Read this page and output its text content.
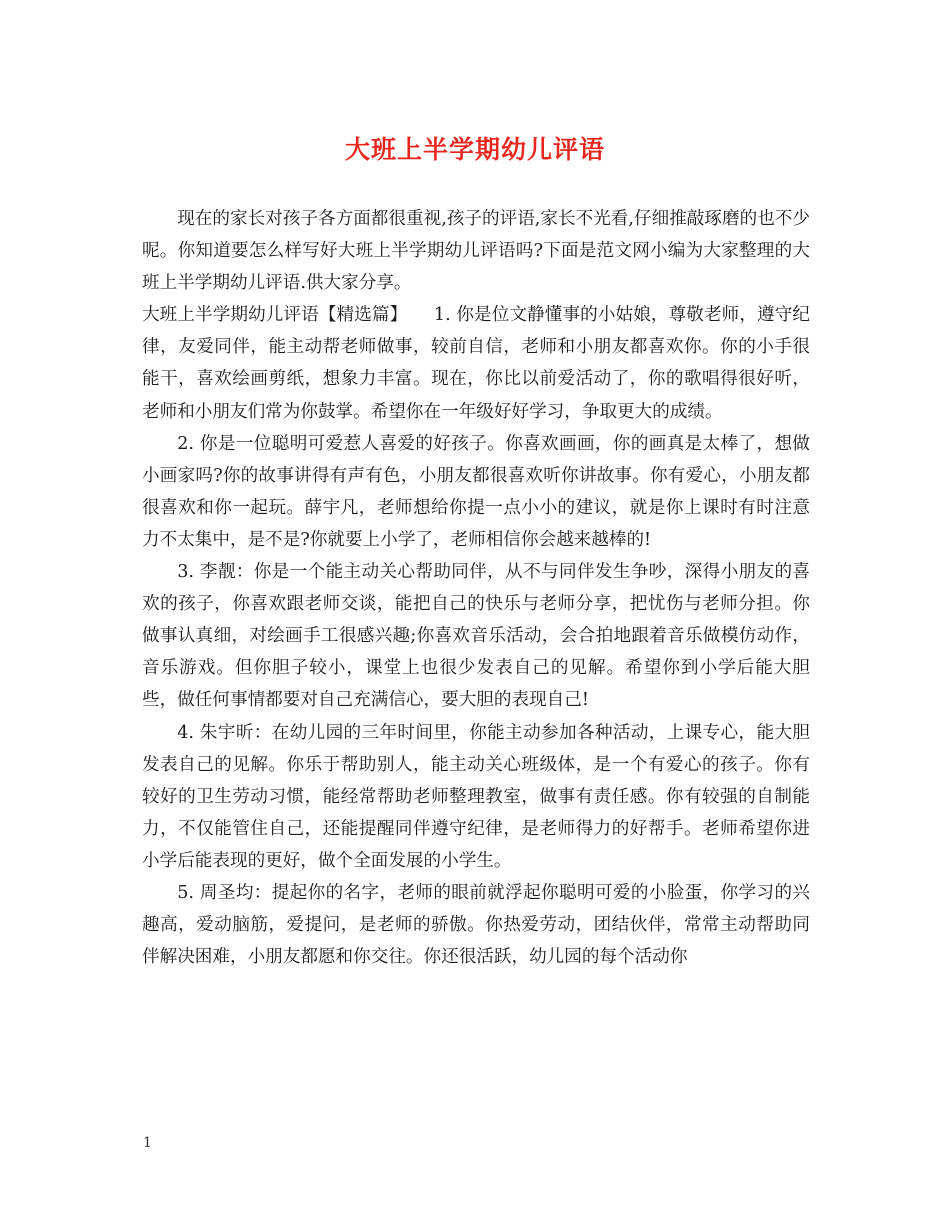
大班上半学期幼儿评语

现在的家长对孩子各方面都很重视,孩子的评语,家长不光看,仔细推敲琢磨的也不少呢。你知道要怎么样写好大班上半学期幼儿评语吗?下面是范文网小编为大家整理的大班上半学期幼儿评语.供大家分享。

大班上半学期幼儿评语【精选篇】　　1. 你是位文静懂事的小姑娘，尊敬老师，遵守纪律，友爱同伴，能主动帮老师做事，较前自信，老师和小朋友都喜欢你。你的小手很能干，喜欢绘画剪纸，想象力丰富。现在，你比以前爱活动了，你的歌唱得很好听，老师和小朋友们常为你鼓掌。希望你在一年级好好学习，争取更大的成绩。

2. 你是一位聪明可爱惹人喜爱的好孩子。你喜欢画画，你的画真是太棒了，想做小画家吗?你的故事讲得有声有色，小朋友都很喜欢听你讲故事。你有爱心，小朋友都很喜欢和你一起玩。薛宇凡，老师想给你提一点小小的建议，就是你上课时有时注意力不太集中，是不是?你就要上小学了，老师相信你会越来越棒的!

3. 李靓：你是一个能主动关心帮助同伴，从不与同伴发生争吵，深得小朋友的喜欢的孩子，你喜欢跟老师交谈，能把自己的快乐与老师分享，把忧伤与老师分担。你做事认真细，对绘画手工很感兴趣;你喜欢音乐活动，会合拍地跟着音乐做模仿动作，音乐游戏。但你胆子较小，课堂上也很少发表自己的见解。希望你到小学后能大胆些，做任何事情都要对自己充满信心，要大胆的表现自己!

4. 朱宇昕：在幼儿园的三年时间里，你能主动参加各种活动，上课专心，能大胆发表自己的见解。你乐于帮助别人，能主动关心班级体，是一个有爱心的孩子。你有较好的卫生劳动习惯，能经常帮助老师整理教室，做事有责任感。你有较强的自制能力，不仅能管住自己，还能提醒同伴遵守纪律，是老师得力的好帮手。老师希望你进小学后能表现的更好，做个全面发展的小学生。

5. 周圣均：提起你的名字，老师的眼前就浮起你聪明可爱的小脸蛋，你学习的兴趣高，爱动脑筋，爱提问，是老师的骄傲。你热爱劳动，团结伙伴，常常主动帮助同伴解决困难，小朋友都愿和你交往。你还很活跃，幼儿园的每个活动你

1
